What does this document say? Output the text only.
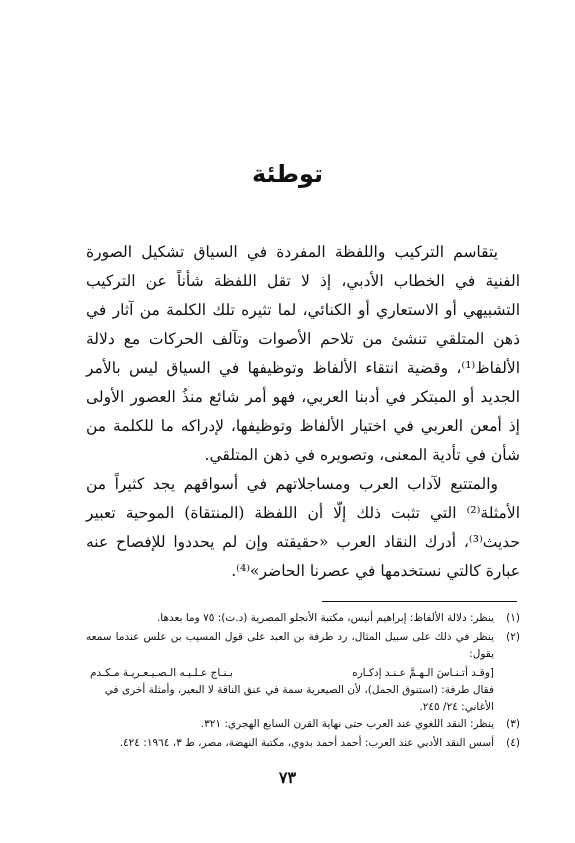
توطئة

يتقاسم التركيب واللفظة المفردة في السياق تشكيل الصورة الفنية في الخطاب الأدبي، إذ لا تقل اللفظة شأناً عن التركيب التشبيهي أو الاستعاري أو الكنائي، لما تثيره تلك الكلمة من آثار في ذهن المتلقي تنشئ من تلاحم الأصوات وتآلف الحركات مع دلالة الألفاظ⁽¹⁾، وقضية انتقاء الألفاظ وتوظيفها في السياق ليس بالأمر الجديد أو المبتكر في أدبنا العربي، فهو أمر شائع منذُ العصور الأولى إذ أمعن العربي في اختيار الألفاظ وتوظيفها، لإدراكه ما للكلمة من شأن في تأدية المعنى، وتصويره في ذهن المتلقي.

والمتتبع لآداب العرب ومساجلاتهم في أسواقهم يجد كثيراً من الأمثلة⁽²⁾ التي تثبت ذلك إلّا أن اللفظة (المنتقاة) الموحية تعبير حديث⁽³⁾، أدرك النقاد العرب «حقيقته وإن لم يحددوا للإفصاح عنه عبارة كالتي نستخدمها في عصرنا الحاضر»⁽⁴⁾.

(١)
ينظر: دلالة الألفاظ: إبراهيم أنيس، مكتبة الأنجلو المصرية (د.ت): ٧٥ وما بعدها.
(٢)
ينظر في ذلك على سبيل المثال، رد طرفة بن العبد على قول المسيب بن علس عندما سمعه يقول:
[وقـد أتـنـاسَ الـهـمَّ عـنـد إدكـاره
بـنـاج عـلـيـه الـصـيـعـريـة مـكـدم
فقال طرفة: (استنوق الجمل)، لأن الصيعرية سمة في عنق الناقة لا البعير، وأمثلة أخرى في الأغاني: ٢٤/ ٢٤٥.
(٣)
ينظر: النقد اللغوي عند العرب حتى نهاية القرن السابع الهجري: ٣٢١.
(٤)
أسس النقد الأدبي عند العرب: أحمد أحمد بدوي، مكتبة النهضة، مصر، ط ٣، ١٩٦٤: ٤٢٤.
٧٣
